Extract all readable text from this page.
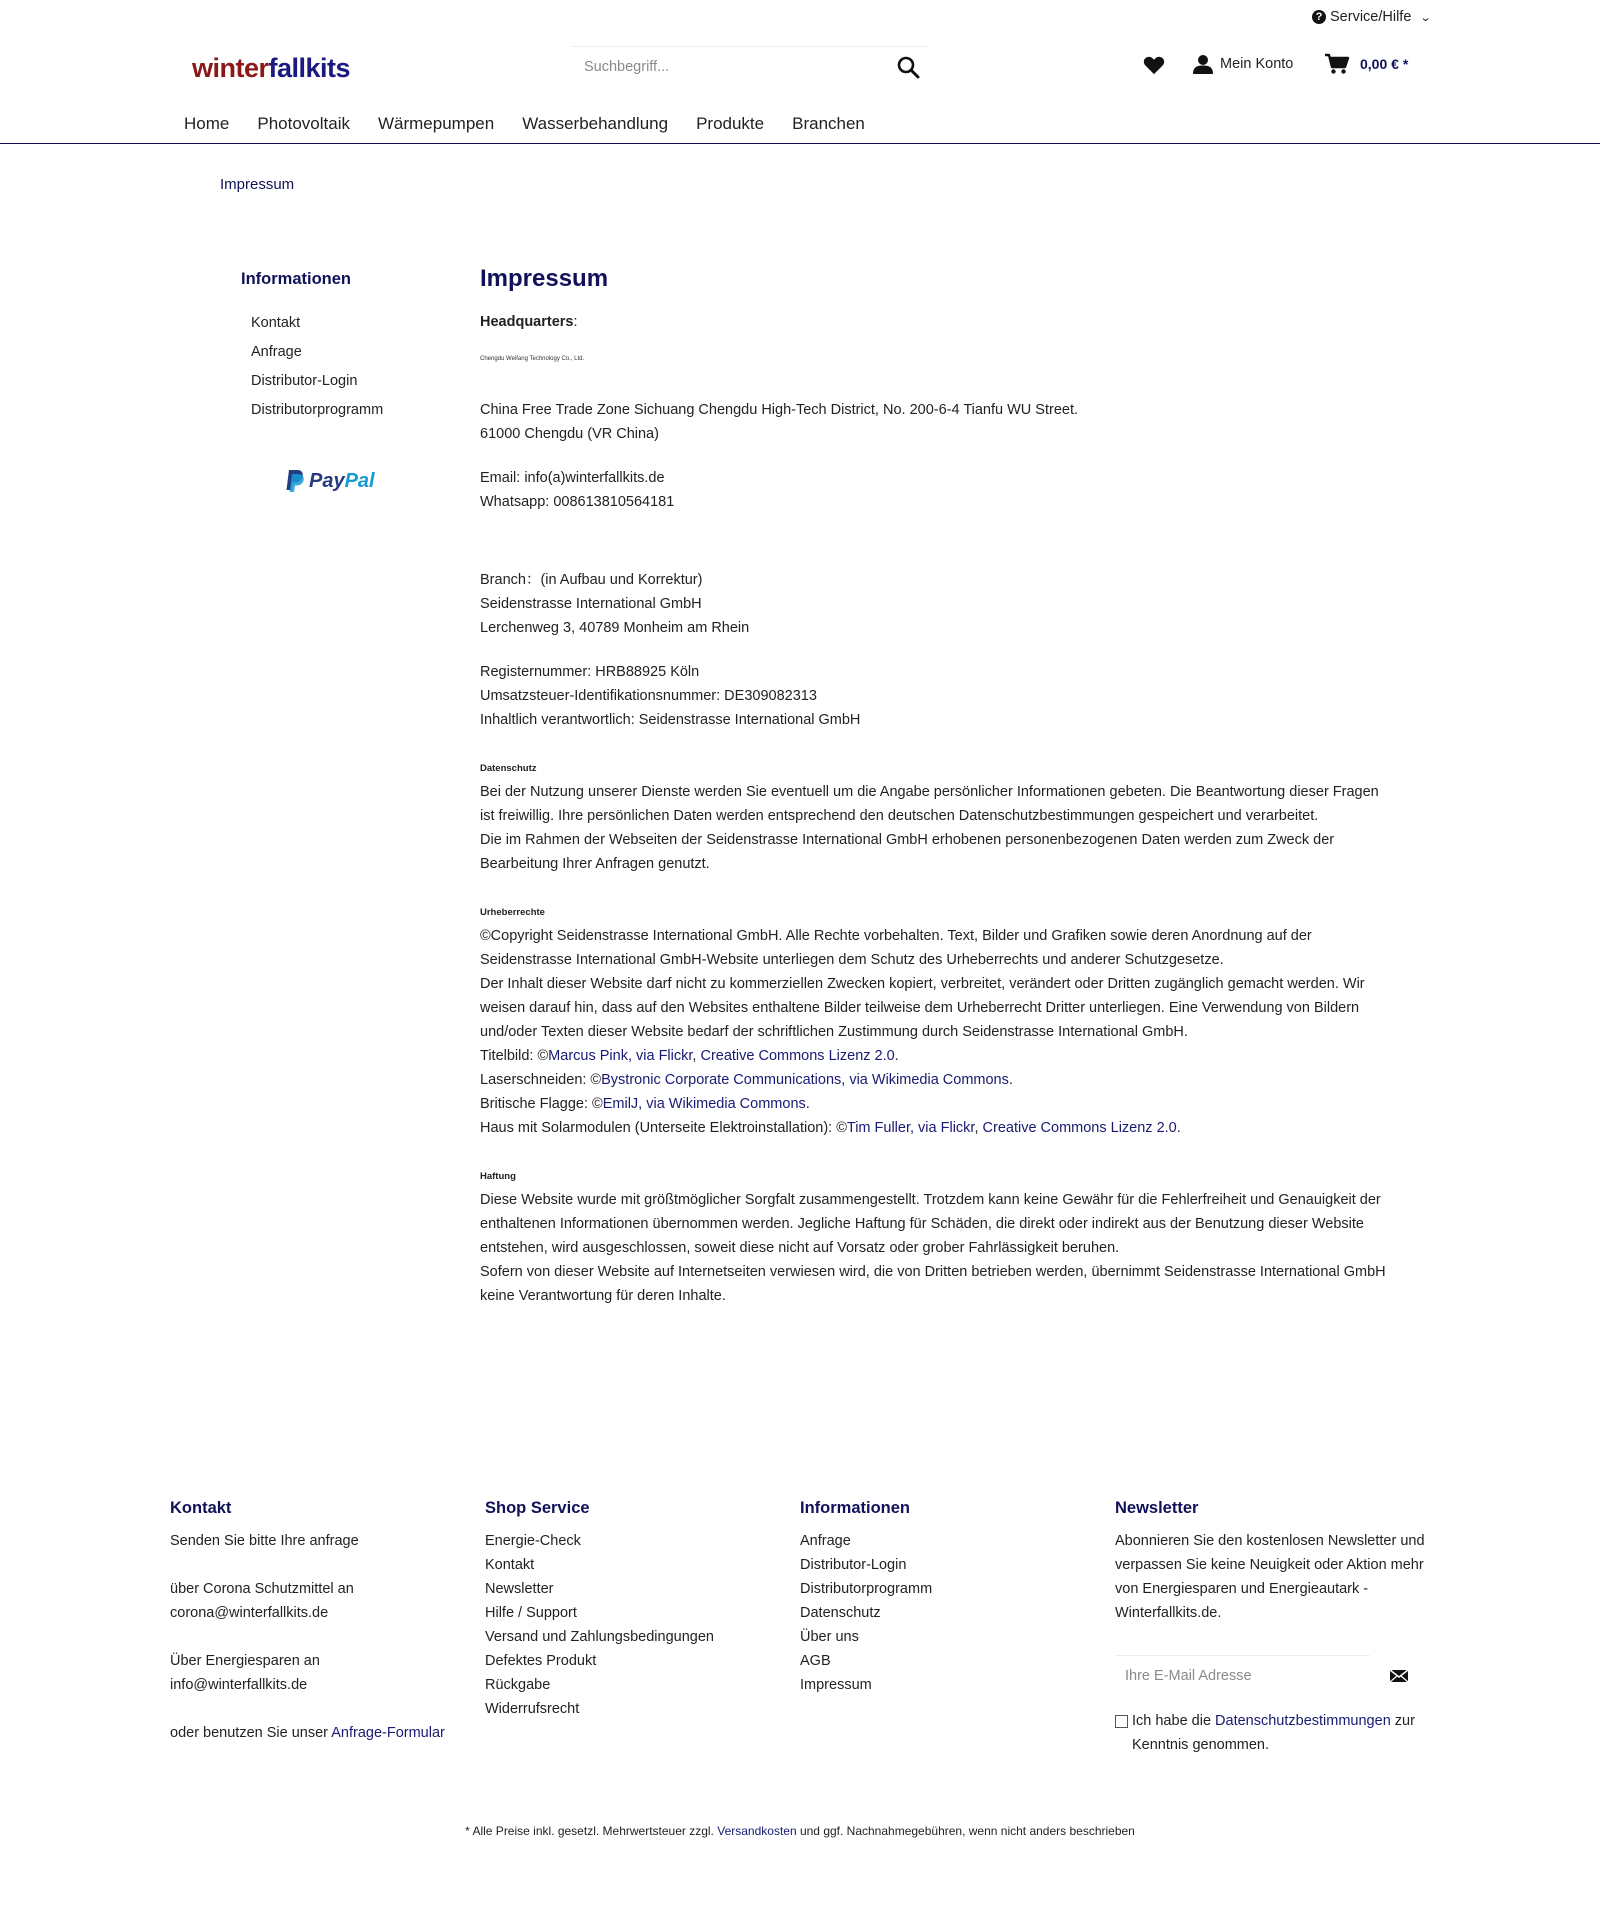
? Service/Hilfe ⌄
winter fallkits
Suchbegriff...	Mein Konto	0,00 € *
Home	Photovoltaik	Wärmepumpen	Wasserbehandlung	Produkte	Branchen
Impressum
Informationen
Kontakt
Anfrage
Distributor-Login
Distributorprogramm
PayPal
Impressum

Headquarters:

Chengdu Weifang Technology Co., Ltd.

China Free Trade Zone Sichuang Chengdu High-Tech District, No. 200-6-4 Tianfu WU Street.

61000 Chengdu (VR China)

Email: info(a)winterfallkits.de

Whatsapp: 008613810564181

Branch：(in Aufbau und Korrektur)

Seidenstrasse International GmbH

Lerchenweg 3, 40789 Monheim am Rhein

Registernummer: HRB88925 Köln

Umsatzsteuer-Identifikationsnummer: DE309082313

Inhaltlich verantwortlich: Seidenstrasse International GmbH

Datenschutz

Bei der Nutzung unserer Dienste werden Sie eventuell um die Angabe persönlicher Informationen gebeten. Die Beantwortung dieser Fragen ist freiwillig. Ihre persönlichen Daten werden entsprechend den deutschen Datenschutzbestimmungen gespeichert und verarbeitet.

Die im Rahmen der Webseiten der Seidenstrasse International GmbH erhobenen personenbezogenen Daten werden zum Zweck der Bearbeitung Ihrer Anfragen genutzt.

Urheberrechte

©Copyright Seidenstrasse International GmbH. Alle Rechte vorbehalten. Text, Bilder und Grafiken sowie deren Anordnung auf der Seidenstrasse International GmbH-Website unterliegen dem Schutz des Urheberrechts und anderer Schutzgesetze.

Der Inhalt dieser Website darf nicht zu kommerziellen Zwecken kopiert, verbreitet, verändert oder Dritten zugänglich gemacht werden. Wir weisen darauf hin, dass auf den Websites enthaltene Bilder teilweise dem Urheberrecht Dritter unterliegen. Eine Verwendung von Bildern und/oder Texten dieser Website bedarf der schriftlichen Zustimmung durch Seidenstrasse International GmbH.

Titelbild: ©Marcus Pink, via Flickr, Creative Commons Lizenz 2.0.

Laserschneiden: ©Bystronic Corporate Communications, via Wikimedia Commons.

Britische Flagge: ©EmilJ, via Wikimedia Commons.

Haus mit Solarmodulen (Unterseite Elektroinstallation): ©Tim Fuller, via Flickr, Creative Commons Lizenz 2.0.

Haftung

Diese Website wurde mit größtmöglicher Sorgfalt zusammengestellt. Trotzdem kann keine Gewähr für die Fehlerfreiheit und Genauigkeit der enthaltenen Informationen übernommen werden. Jegliche Haftung für Schäden, die direkt oder indirekt aus der Benutzung dieser Website entstehen, wird ausgeschlossen, soweit diese nicht auf Vorsatz oder grober Fahrlässigkeit beruhen.

Sofern von dieser Website auf Internetseiten verwiesen wird, die von Dritten betrieben werden, übernimmt Seidenstrasse International GmbH keine Verantwortung für deren Inhalte.

Kontakt

Senden Sie bitte Ihre anfrage

über Corona Schutzmittel an

corona@winterfallkits.de

Über Energiesparen an

info@winterfallkits.de

oder benutzen Sie unser Anfrage-Formular

Shop Service
Energie-Check
Kontakt
Newsletter
Hilfe / Support
Versand und Zahlungsbedingungen
Defektes Produkt
Rückgabe
Widerrufsrecht
Informationen
Anfrage
Distributor-Login
Distributorprogramm
Datenschutz
Über uns
AGB
Impressum
Newsletter

Abonnieren Sie den kostenlosen Newsletter und verpassen Sie keine Neuigkeit oder Aktion mehr von Energiesparen und Energieautark - Winterfallkits.de.

Ihre E-Mail Adresse

Ich habe die Datenschutzbestimmungen zur Kenntnis genommen.

* Alle Preise inkl. gesetzl. Mehrwertsteuer zzgl. Versandkosten und ggf. Nachnahmegebühren, wenn nicht anders beschrieben
